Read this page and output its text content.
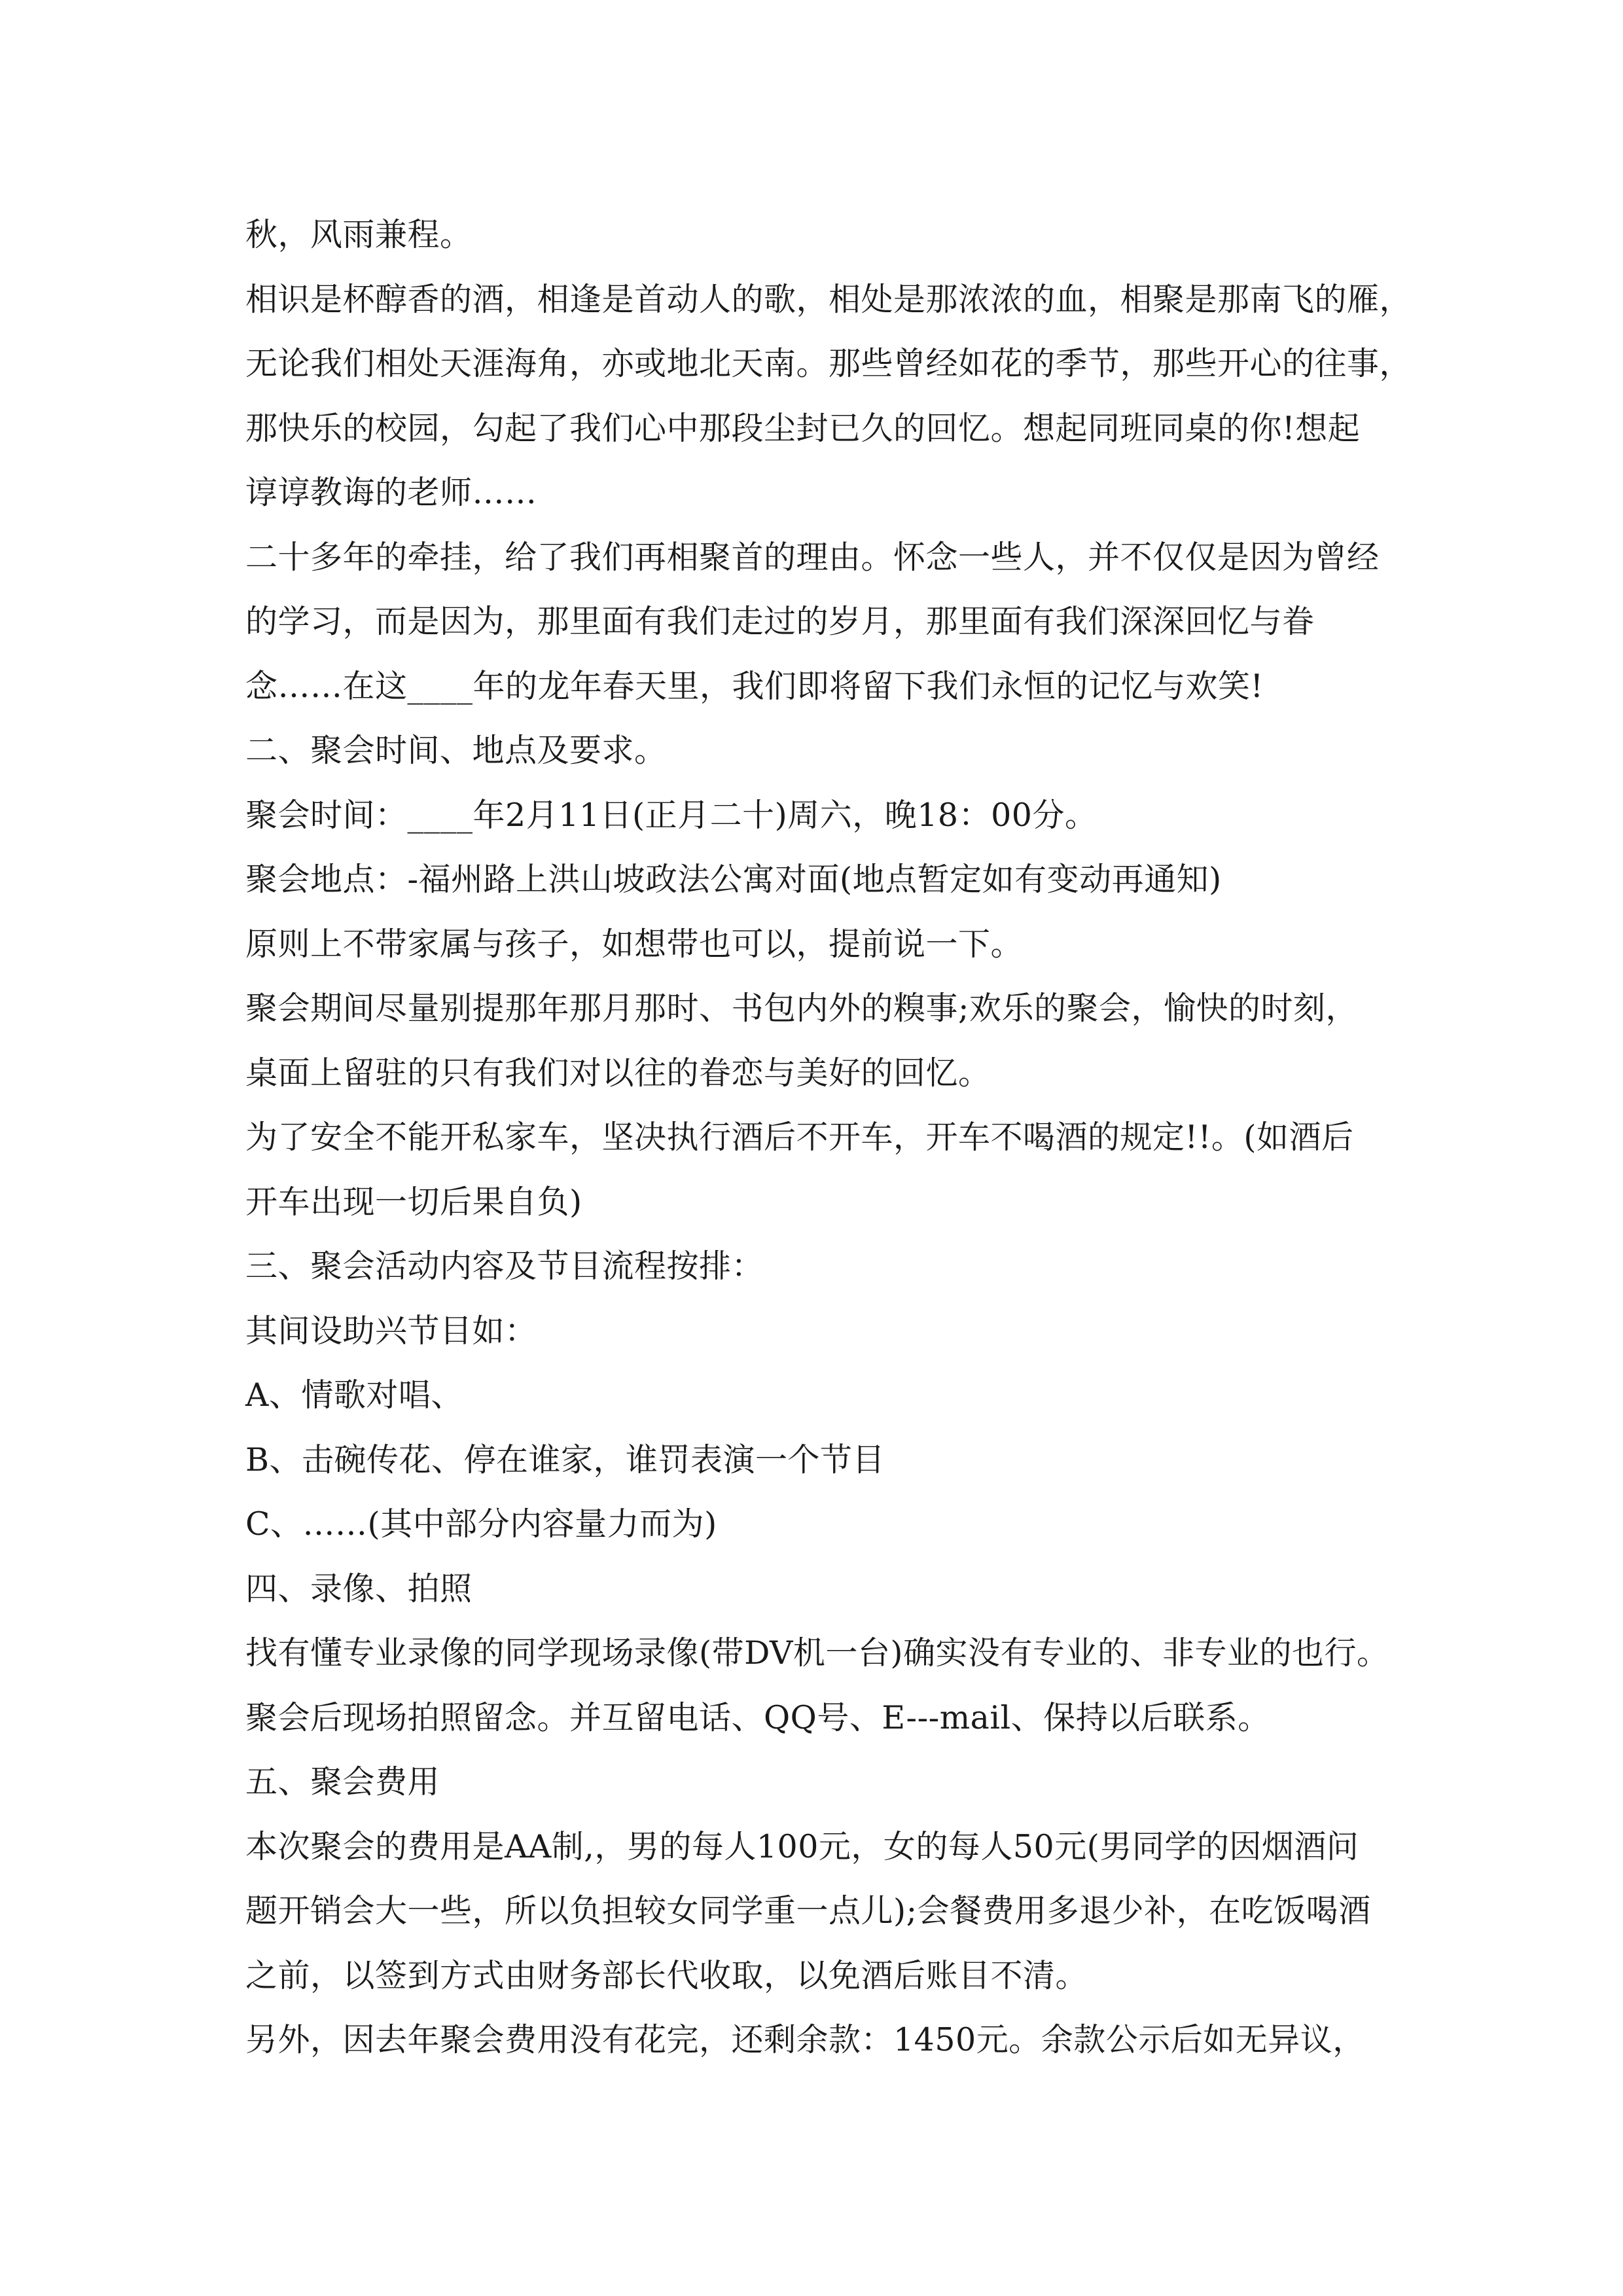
秋，风雨兼程。
相识是杯醇香的酒，相逢是首动人的歌，相处是那浓浓的血，相聚是那南飞的雁，
无论我们相处天涯海角，亦或地北天南。那些曾经如花的季节，那些开心的往事，
那快乐的校园，勾起了我们心中那段尘封已久的回忆。想起同班同桌的你!想起
谆谆教诲的老师……
二十多年的牵挂，给了我们再相聚首的理由。怀念一些人，并不仅仅是因为曾经
的学习，而是因为，那里面有我们走过的岁月，那里面有我们深深回忆与眷
念……在这____年的龙年春天里，我们即将留下我们永恒的记忆与欢笑!
二、聚会时间、地点及要求。
聚会时间：____年2月11日(正月二十)周六，晚18：00分。
聚会地点：-福州路上洪山坡政法公寓对面(地点暂定如有变动再通知)
原则上不带家属与孩子，如想带也可以，提前说一下。
聚会期间尽量别提那年那月那时、书包内外的糗事;欢乐的聚会，愉快的时刻，
桌面上留驻的只有我们对以往的眷恋与美好的回忆。
为了安全不能开私家车，坚决执行酒后不开车，开车不喝酒的规定!!。(如酒后
开车出现一切后果自负)
三、聚会活动内容及节目流程按排：
其间设助兴节目如：
A、情歌对唱、
B、击碗传花、停在谁家，谁罚表演一个节目
C、……(其中部分内容量力而为)
四、录像、拍照
找有懂专业录像的同学现场录像(带DV机一台)确实没有专业的、非专业的也行。
聚会后现场拍照留念。并互留电话、QQ号、E---mail、保持以后联系。
五、聚会费用
本次聚会的费用是AA制,，男的每人100元，女的每人50元(男同学的因烟酒问
题开销会大一些，所以负担较女同学重一点儿);会餐费用多退少补，在吃饭喝酒
之前，以签到方式由财务部长代收取，以免酒后账目不清。
另外，因去年聚会费用没有花完，还剩余款：1450元。余款公示后如无异议，
